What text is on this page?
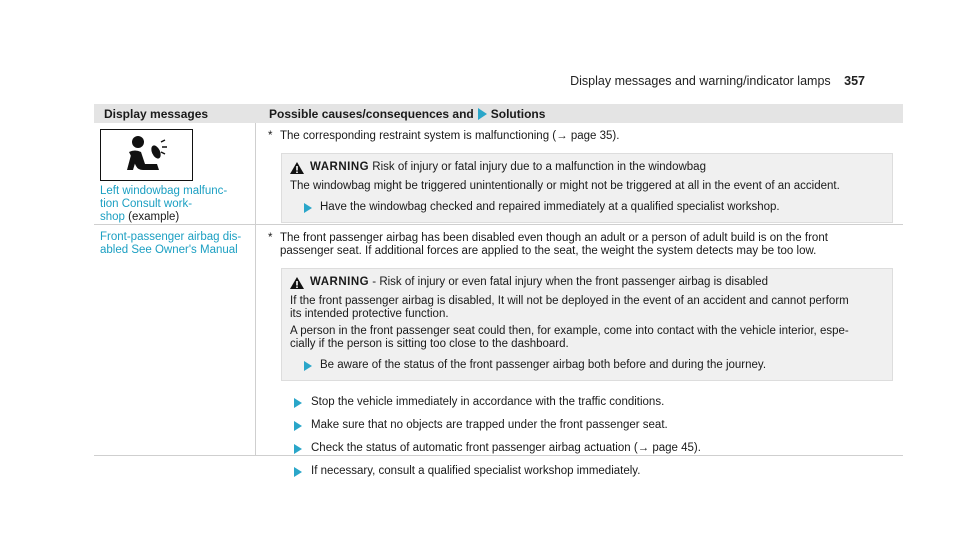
Display messages and warning/indicator lamps 357
Display messages	Possible causes/consequences and Solutions
Left windowbag malfunc-
tion Consult work-
shop (example)
* The corresponding restraint system is malfunctioning (→ page 35).
WARNING Risk of injury or fatal injury due to a malfunction in the windowbag

The windowbag might be triggered unintentionally or might not be triggered at all in the event of an accident.

Have the windowbag checked and repaired immediately at a qualified specialist workshop.
Front-passenger airbag dis-
abled See Owner's Manual
* The front passenger airbag has been disabled even though an adult or a person of adult build is on the front
passenger seat. If additional forces are applied to the seat, the weight the system detects may be too low.
WARNING - Risk of injury or even fatal injury when the front passenger airbag is disabled

If the front passenger airbag is disabled, It will not be deployed in the event of an accident and cannot perform
its intended protective function.

A person in the front passenger seat could then, for example, come into contact with the vehicle interior, espe-
cially if the person is sitting too close to the dashboard.

Be aware of the status of the front passenger airbag both before and during the journey.
Stop the vehicle immediately in accordance with the traffic conditions.
Make sure that no objects are trapped under the front passenger seat.
Check the status of automatic front passenger airbag actuation (→ page 45).
If necessary, consult a qualified specialist workshop immediately.
